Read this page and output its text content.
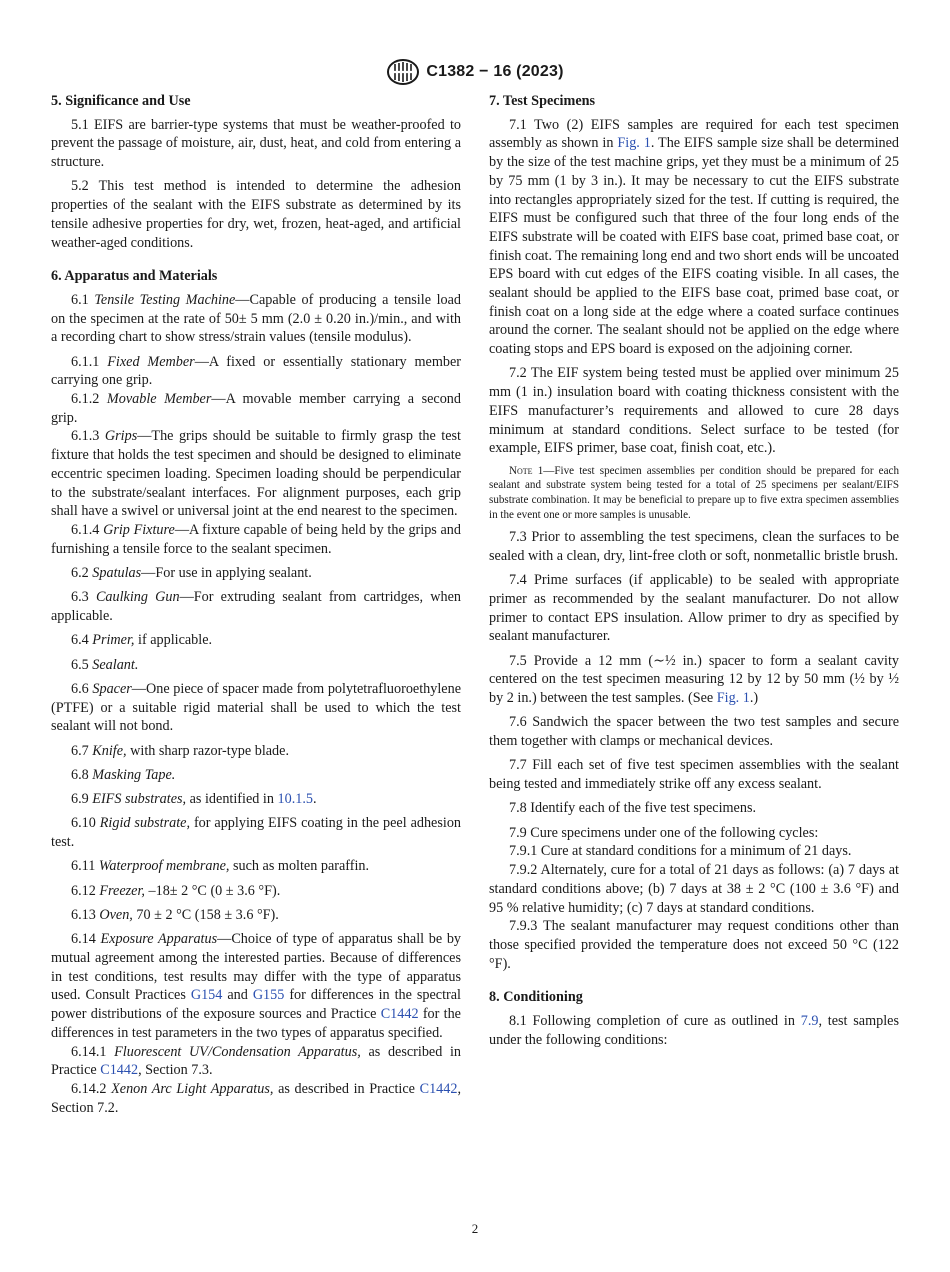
C1382 − 16 (2023)
5. Significance and Use

5.1 EIFS are barrier-type systems that must be weather-proofed to prevent the passage of moisture, air, dust, heat, and cold from entering a structure.

5.2 This test method is intended to determine the adhesion properties of the sealant with the EIFS substrate as determined by its tensile adhesive properties for dry, wet, frozen, heat-aged, and artificial weather-aged conditions.

6. Apparatus and Materials

6.1 Tensile Testing Machine—Capable of producing a tensile load on the specimen at the rate of 50± 5 mm (2.0 ± 0.20 in.)/min., and with a recording chart to show stress/strain values (tensile modulus).

6.1.1 Fixed Member—A fixed or essentially stationary member carrying one grip.

6.1.2 Movable Member—A movable member carrying a second grip.

6.1.3 Grips—The grips should be suitable to firmly grasp the test fixture that holds the test specimen and should be designed to eliminate eccentric specimen loading. Specimen loading should be perpendicular to the substrate/sealant interfaces. For alignment purposes, each grip shall have a swivel or universal joint at the end nearest to the specimen.

6.1.4 Grip Fixture—A fixture capable of being held by the grips and furnishing a tensile force to the sealant specimen.

6.2 Spatulas—For use in applying sealant.

6.3 Caulking Gun—For extruding sealant from cartridges, when applicable.

6.4 Primer, if applicable.

6.5 Sealant.

6.6 Spacer—One piece of spacer made from polytetrafluoroethylene (PTFE) or a suitable rigid material shall be used to which the test sealant will not bond.

6.7 Knife, with sharp razor-type blade.

6.8 Masking Tape.

6.9 EIFS substrates, as identified in 10.1.5.

6.10 Rigid substrate, for applying EIFS coating in the peel adhesion test.

6.11 Waterproof membrane, such as molten paraffin.

6.12 Freezer, –18± 2 °C (0 ± 3.6 °F).

6.13 Oven, 70 ± 2 °C (158 ± 3.6 °F).

6.14 Exposure Apparatus—Choice of type of apparatus shall be by mutual agreement among the interested parties. Because of differences in test conditions, test results may differ with the type of apparatus used. Consult Practices G154 and G155 for differences in the spectral power distributions of the exposure sources and Practice C1442 for the differences in test parameters in the two types of apparatus specified.

6.14.1 Fluorescent UV/Condensation Apparatus, as described in Practice C1442, Section 7.3.

6.14.2 Xenon Arc Light Apparatus, as described in Practice C1442, Section 7.2.

7. Test Specimens

7.1 Two (2) EIFS samples are required for each test specimen assembly as shown in Fig. 1. The EIFS sample size shall be determined by the size of the test machine grips, yet they must be a minimum of 25 by 75 mm (1 by 3 in.). It may be necessary to cut the EIFS substrate into rectangles appropriately sized for the test. If cutting is required, the EIFS must be configured such that three of the four long ends of the EIFS substrate will be coated with EIFS base coat, primed base coat, or finish coat. The remaining long end and two short ends will be uncoated EPS board with cut edges of the EIFS coating visible. In all cases, the sealant should be applied to the EIFS base coat, primed base coat, or finish coat on a long side at the edge where a coated surface continues around the corner. The sealant should not be applied on the edge where coating stops and EPS board is exposed on the adjoining corner.

7.2 The EIF system being tested must be applied over minimum 25 mm (1 in.) insulation board with coating thickness consistent with the EIFS manufacturer’s requirements and allowed to cure 28 days minimum at standard conditions. Select surface to be tested (for example, EIFS primer, base coat, finish coat, etc.).

Note 1—Five test specimen assemblies per condition should be prepared for each sealant and substrate system being tested for a total of 25 specimens per sealant/EIFS substrate combination. It may be beneficial to prepare up to five extra specimen assemblies in the event one or more samples is unusable.

7.3 Prior to assembling the test specimens, clean the surfaces to be sealed with a clean, dry, lint-free cloth or soft, nonmetallic bristle brush.

7.4 Prime surfaces (if applicable) to be sealed with appropriate primer as recommended by the sealant manufacturer. Do not allow primer to contact EPS insulation. Allow primer to dry as specified by sealant manufacturer.

7.5 Provide a 12 mm (∼½ in.) spacer to form a sealant cavity centered on the test specimen measuring 12 by 12 by 50 mm (½ by ½ by 2 in.) between the test samples. (See Fig. 1.)

7.6 Sandwich the spacer between the two test samples and secure them together with clamps or mechanical devices.

7.7 Fill each set of five test specimen assemblies with the sealant being tested and immediately strike off any excess sealant.

7.8 Identify each of the five test specimens.

7.9 Cure specimens under one of the following cycles:

7.9.1 Cure at standard conditions for a minimum of 21 days.

7.9.2 Alternately, cure for a total of 21 days as follows: (a) 7 days at standard conditions above; (b) 7 days at 38 ± 2 °C (100 ± 3.6 °F) and 95 % relative humidity; (c) 7 days at standard conditions.

7.9.3 The sealant manufacturer may request conditions other than those specified provided the temperature does not exceed 50 °C (122 °F).

8. Conditioning

8.1 Following completion of cure as outlined in 7.9, test samples under the following conditions:

2
